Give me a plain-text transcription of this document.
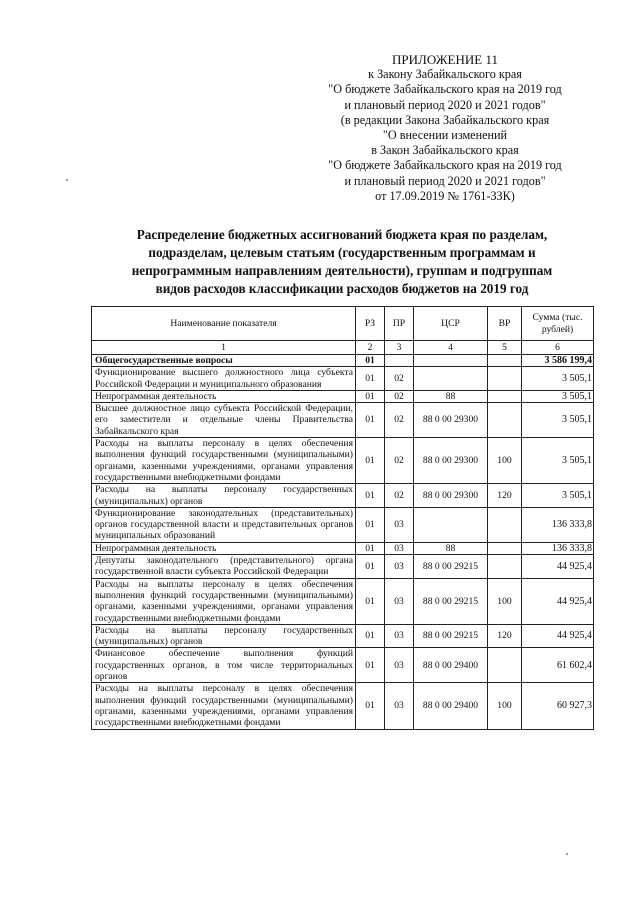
ПРИЛОЖЕНИЕ 11
к Закону Забайкальского края
"О бюджете Забайкальского края на 2019 год
и плановый период 2020 и 2021 годов"
(в редакции Закона Забайкальского края
"О внесении изменений
в Закон Забайкальского края
"О бюджете Забайкальского края на 2019 год
и плановый период 2020 и 2021 годов"
от 17.09.2019 № 1761-ЗЗК)
Распределение бюджетных ассигнований бюджета края по разделам,
подразделам, целевым статьям (государственным программам и
непрограммным направлениям деятельности), группам и подгруппам
видов расходов классификации расходов бюджетов на 2019 год
Наименование показателя	РЗ	ПР	ЦСР	ВР	Сумма (тыс. рублей)
1	2	3	4	5	6
Общегосударственные вопросы	01				3 586 199,4
Функционирование высшего должностного лица субъекта Российской Федерации и муниципального образования	01	02			3 505,1
Непрограммная деятельность	01	02	88		3 505,1
Высшее должностное лицо субъекта Российской Федерации, его заместители и отдельные члены Правительства Забайкальского края	01	02	88 0 00 29300		3 505,1
Расходы на выплаты персоналу в целях обеспечения выполнения функций государственными (муниципальными) органами, казенными учреждениями, органами управления государственными внебюджетными фондами	01	02	88 0 00 29300	100	3 505,1
Расходы на выплаты персоналу государственных (муниципальных) органов	01	02	88 0 00 29300	120	3 505,1
Функционирование законодательных (представительных) органов государственной власти и представительных органов муниципальных образований	01	03			136 333,8
Непрограммная деятельность	01	03	88		136 333,8
Депутаты законодательного (представительного) органа государственной власти субъекта Российской Федерации	01	03	88 0 00 29215		44 925,4
Расходы на выплаты персоналу в целях обеспечения выполнения функций государственными (муниципальными) органами, казенными учреждениями, органами управления государственными внебюджетными фондами	01	03	88 0 00 29215	100	44 925,4
Расходы на выплаты персоналу государственных (муниципальных) органов	01	03	88 0 00 29215	120	44 925,4
Финансовое обеспечение выполнения функций государственных органов, в том числе территориальных органов	01	03	88 0 00 29400		61 602,4
Расходы на выплаты персоналу в целях обеспечения выполнения функций государственными (муниципальными) органами, казенными учреждениями, органами управления государственными внебюджетными фондами	01	03	88 0 00 29400	100	60 927,3
